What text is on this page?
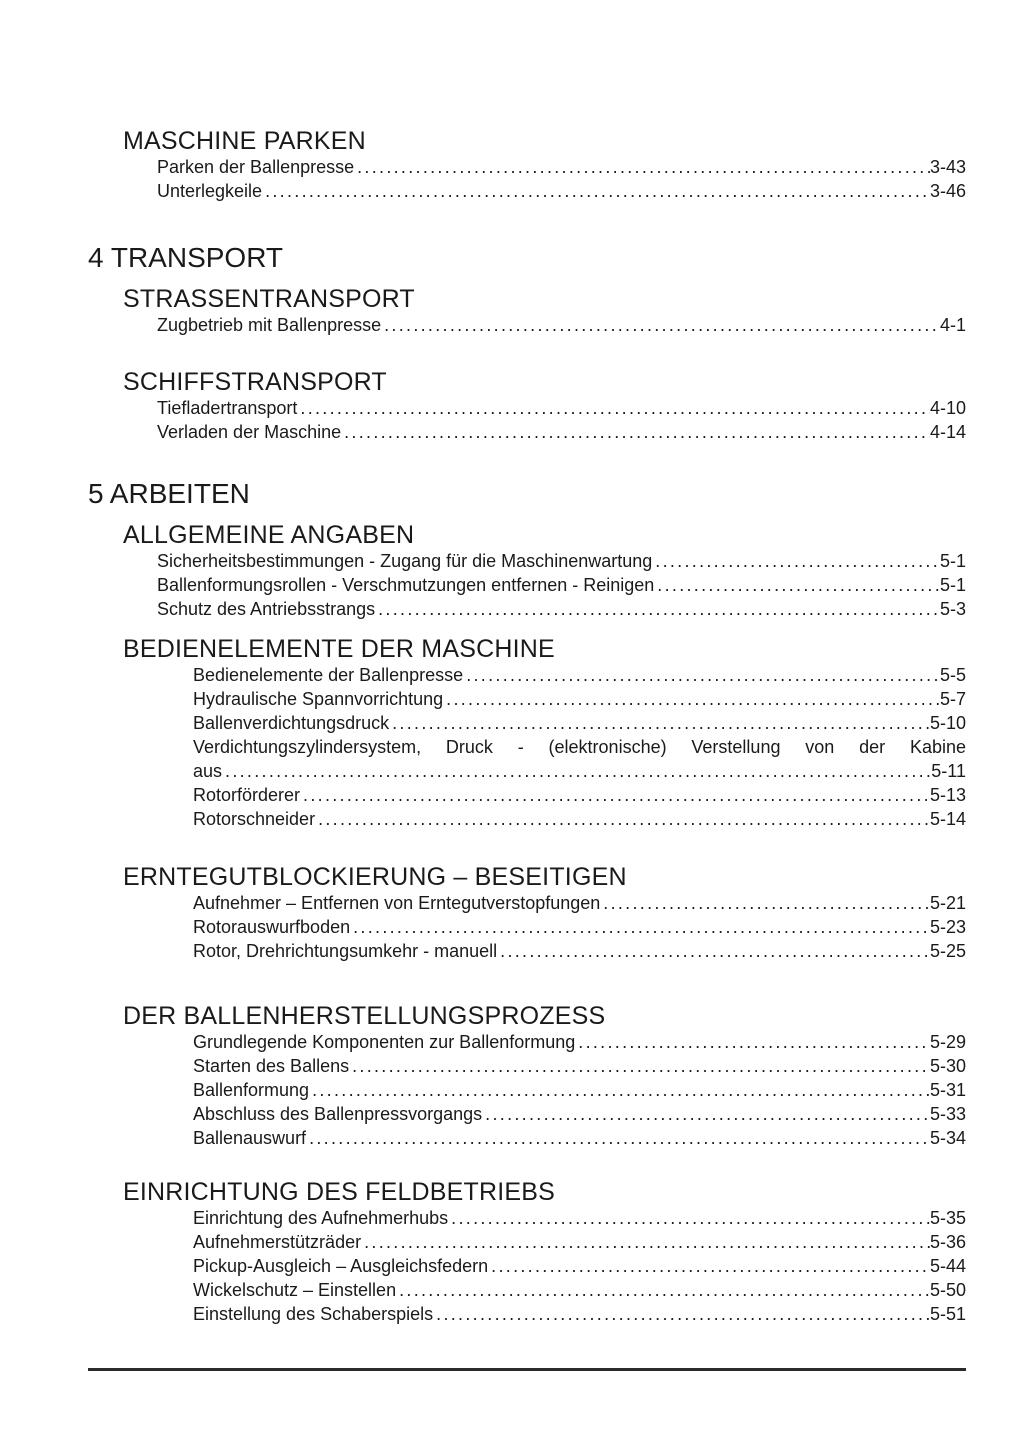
MASCHINE PARKEN
Parken der Ballenpresse .....	3-43
Unterlegkeile .....	3-46
4 TRANSPORT
STRASSENTRANSPORT
Zugbetrieb mit Ballenpresse .....	4-1
SCHIFFSTRANSPORT
Tiefladertransport .....	4-10
Verladen der Maschine .....	4-14
5 ARBEITEN
ALLGEMEINE ANGABEN
Sicherheitsbestimmungen - Zugang für die Maschinenwartung .....	5-1
Ballenformungsrollen - Verschmutzungen entfernen - Reinigen .....	5-1
Schutz des Antriebsstrangs .....	5-3
BEDIENELEMENTE DER MASCHINE
Bedienelemente der Ballenpresse .....	5-5
Hydraulische Spannvorrichtung .....	5-7
Ballenverdichtungsdruck .....	5-10
Verdichtungszylindersystem, Druck - (elektronische) Verstellung von der Kabine
aus .....	5-11
Rotorförderer .....	5-13
Rotorschneider .....	5-14
ERNTEGUTBLOCKIERUNG – BESEITIGEN
Aufnehmer – Entfernen von Erntegutverstopfungen .....	5-21
Rotorauswurfboden .....	5-23
Rotor, Drehrichtungsumkehr - manuell .....	5-25
DER BALLENHERSTELLUNGSPROZESS
Grundlegende Komponenten zur Ballenformung .....	5-29
Starten des Ballens .....	5-30
Ballenformung .....	5-31
Abschluss des Ballenpressvorgangs .....	5-33
Ballenauswurf .....	5-34
EINRICHTUNG DES FELDBETRIEBS
Einrichtung des Aufnehmerhubs .....	5-35
Aufnehmerstützräder .....	5-36
Pickup-Ausgleich – Ausgleichsfedern .....	5-44
Wickelschutz – Einstellen .....	5-50
Einstellung des Schaberspiels .....	5-51
